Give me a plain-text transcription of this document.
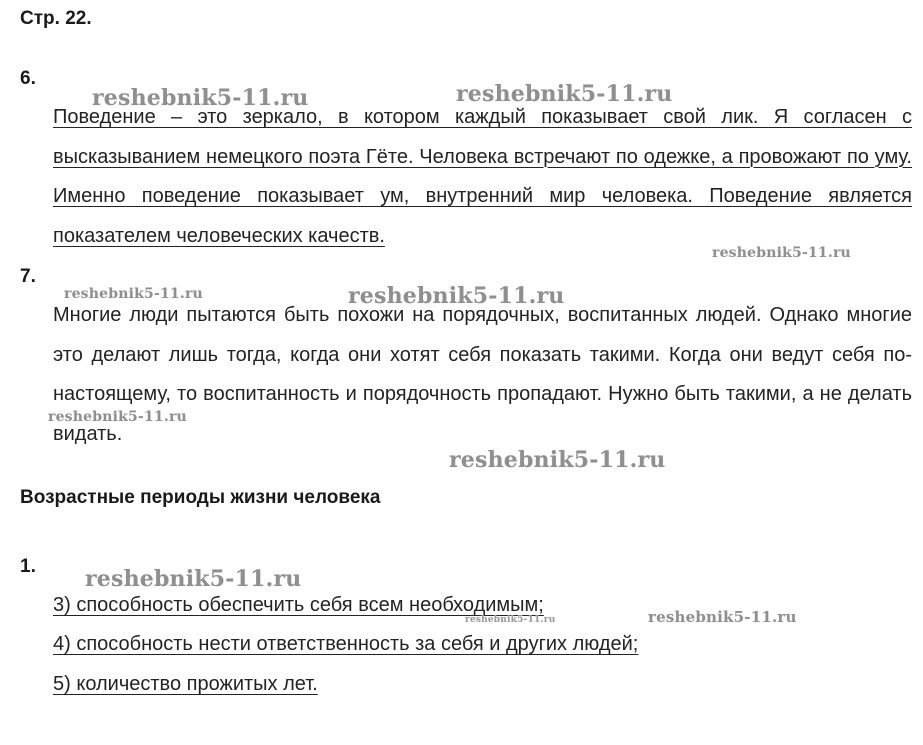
Стр. 22.
6.
Поведение – это зеркало, в котором каждый показывает свой лик. Я согласен с высказыванием немецкого поэта Гёте. Человека встречают по одежке, а провожают по уму. Именно поведение показывает ум, внутренний мир человека. Поведение является показателем человеческих качеств.
7.
Многие люди пытаются быть похожи на порядочных, воспитанных людей. Однако многие это делают лишь тогда, когда они хотят себя показать такими. Когда они ведут себя по-настоящему, то воспитанность и порядочность пропадают. Нужно быть такими, а не делать видать.
Возрастные периоды жизни человека
1.
3) способность обеспечить себя всем необходимым;
4) способность нести ответственность за себя и других людей;
5) количество прожитых лет.
reshebnik5-11.ru	reshebnik5-11.ru
reshebnik5-11.ru
reshebnik5-11.ru	reshebnik5-11.ru
reshebnik5-11.ru
reshebnik5-11.ru
reshebnik5-11.ru
reshebnik5-11.ru	reshebnik5-11.ru
